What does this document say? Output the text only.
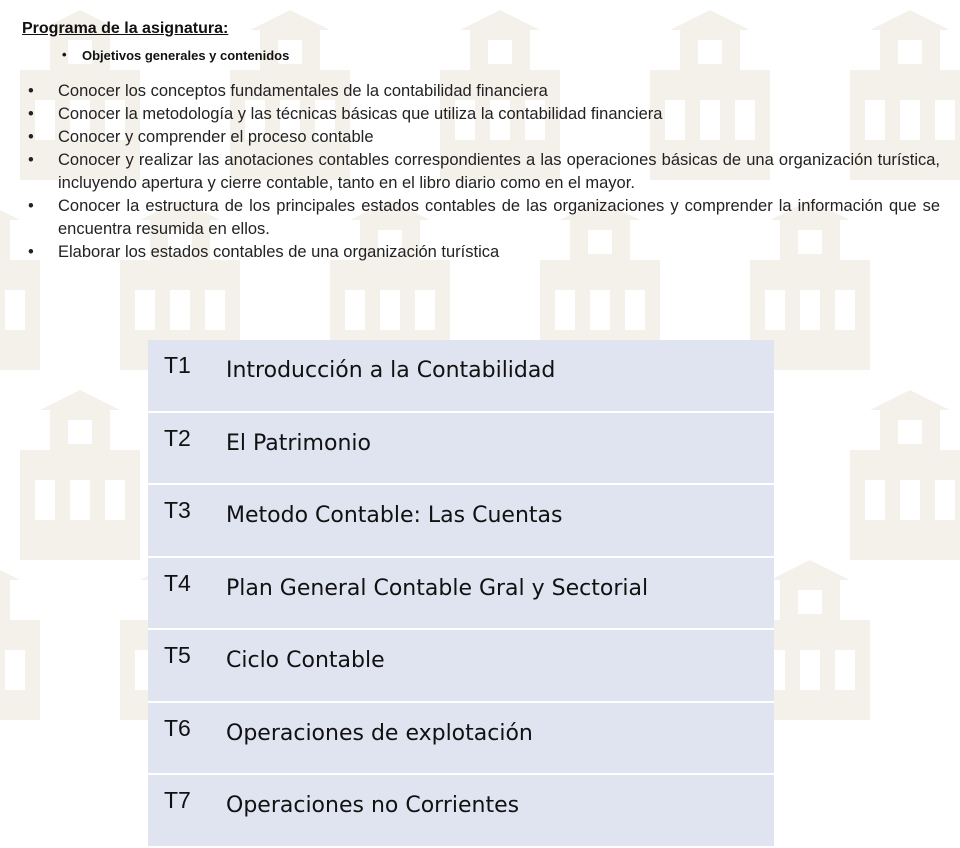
Programa de la asignatura:
• Objetivos generales y contenidos
• Conocer los conceptos fundamentales de la contabilidad financiera
• Conocer la metodología y las técnicas básicas que utiliza la contabilidad financiera
• Conocer y comprender el proceso contable
• Conocer y realizar las anotaciones contables correspondientes a las operaciones básicas de una organización turística, incluyendo apertura y cierre contable, tanto en el libro diario como en el mayor.
• Conocer la estructura de los principales estados contables de las organizaciones y comprender la información que se encuentra resumida en ellos.
• Elaborar los estados contables de una organización turística
T1	Introducción a la Contabilidad
T2	El Patrimonio
T3	Metodo Contable: Las Cuentas
T4	Plan General Contable Gral y Sectorial
T5	Ciclo Contable
T6	Operaciones de explotación
T7	Operaciones no Corrientes
